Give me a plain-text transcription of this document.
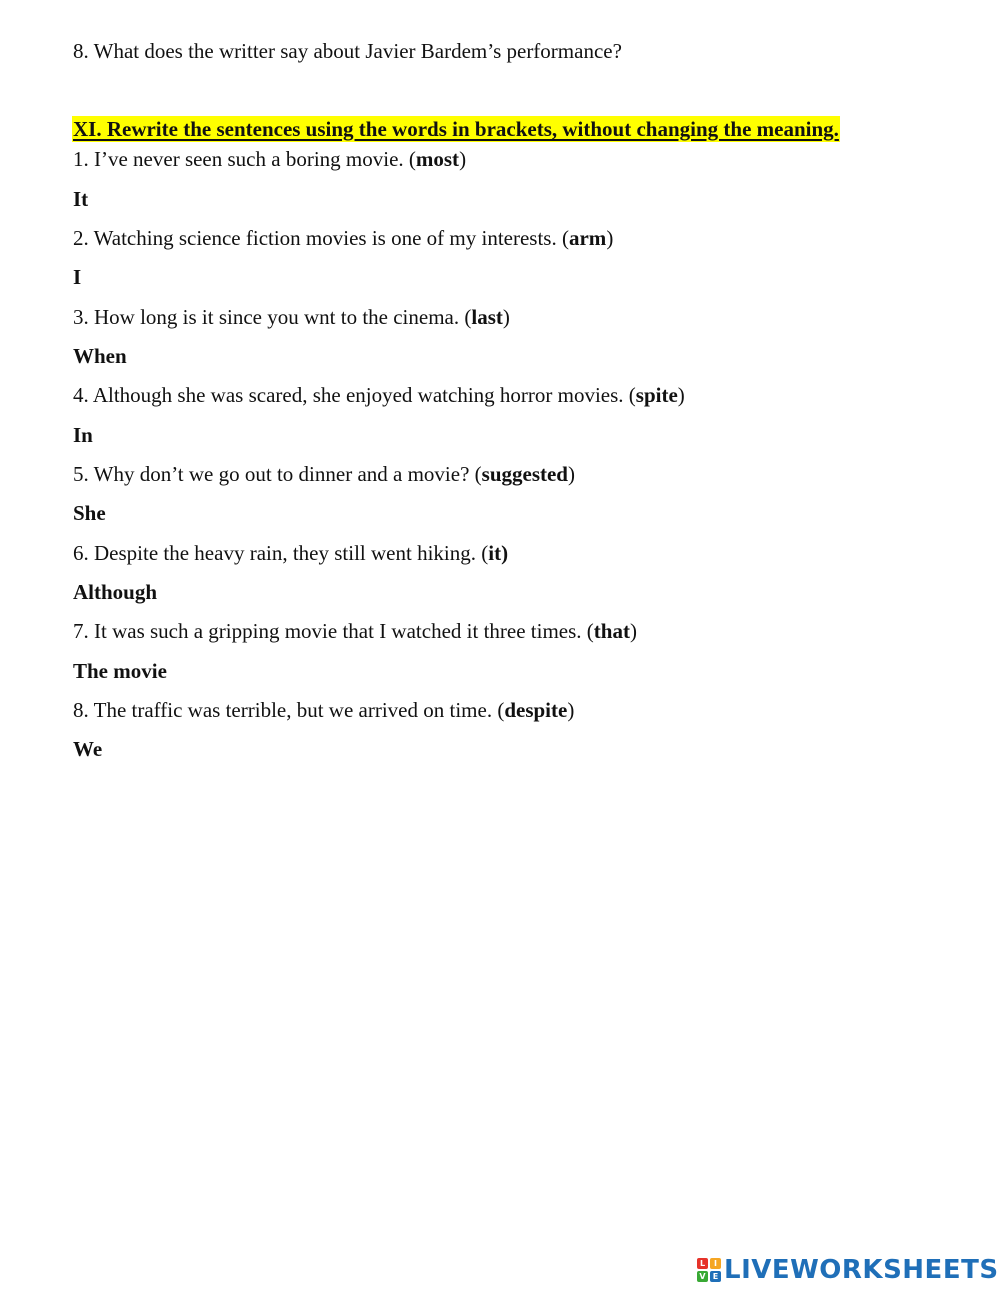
8. What does the writter say about Javier Bardem’s performance?
XI. Rewrite the sentences using the words in brackets, without changing the meaning.
1. I’ve never seen such a boring movie. (most)
It
2. Watching science fiction movies is one of my interests. (arm)
I
3. How long is it since you wnt to the cinema. (last)
When
4. Although she was scared, she enjoyed watching horror movies. (spite)
In
5. Why don’t we go out to dinner and a movie? (suggested)
She
6. Despite the heavy rain, they still went hiking. (it)
Although
7. It was such a gripping movie that I watched it three times. (that)
The movie
8. The traffic was terrible, but we arrived on time. (despite)
We
L	I
V E LIVEWORKSHEETS
